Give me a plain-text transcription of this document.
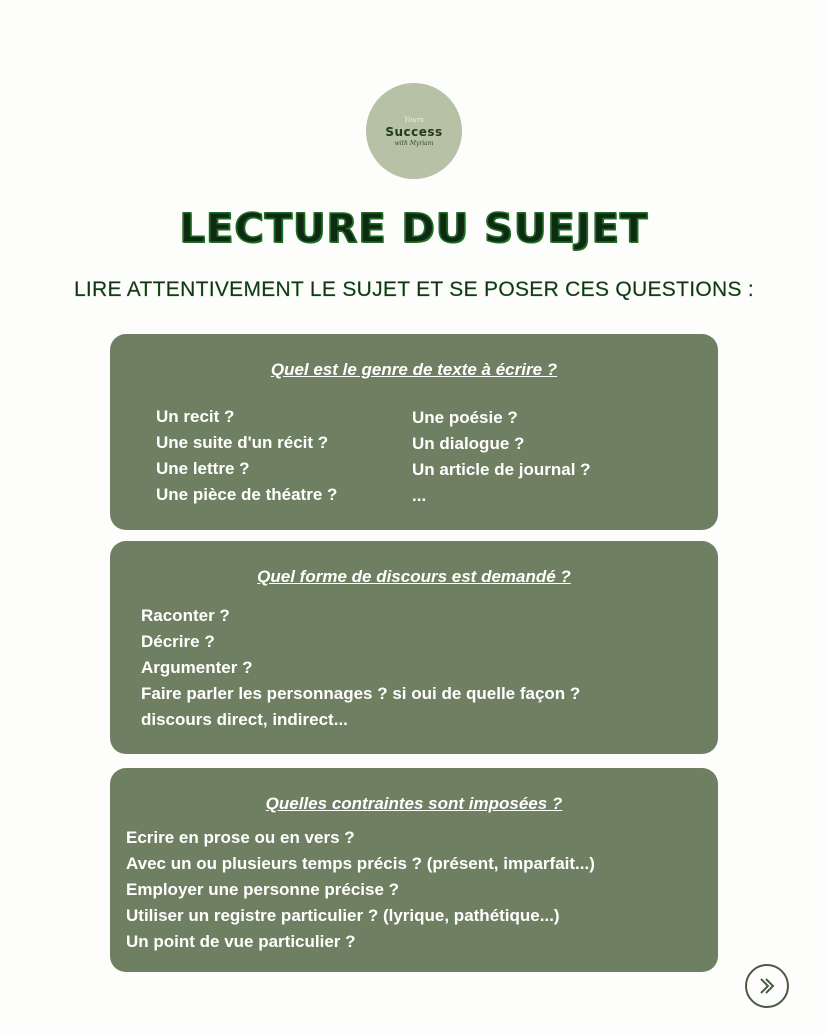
Yours
Success
with Myriam
LECTURE DU SUEJET
LIRE ATTENTIVEMENT LE SUJET ET SE POSER CES QUESTIONS :
Quel est le genre de texte à écrire ?
Un recit ?
Une suite d'un récit ?
Une lettre ?
Une pièce de théatre ?
Une poésie ?
Un dialogue ?
Un article de journal ?
...
Quel forme de discours est demandé ?
Raconter ?
Décrire ?
Argumenter ?
Faire parler les personnages ? si oui de quelle façon ?
discours direct, indirect...
Quelles contraintes sont imposées ?
Ecrire en prose ou en vers ?
Avec un ou plusieurs temps précis ? (présent, imparfait...)
Employer une personne précise ?
Utiliser un registre particulier ? (lyrique, pathétique...)
Un point de vue particulier ?
